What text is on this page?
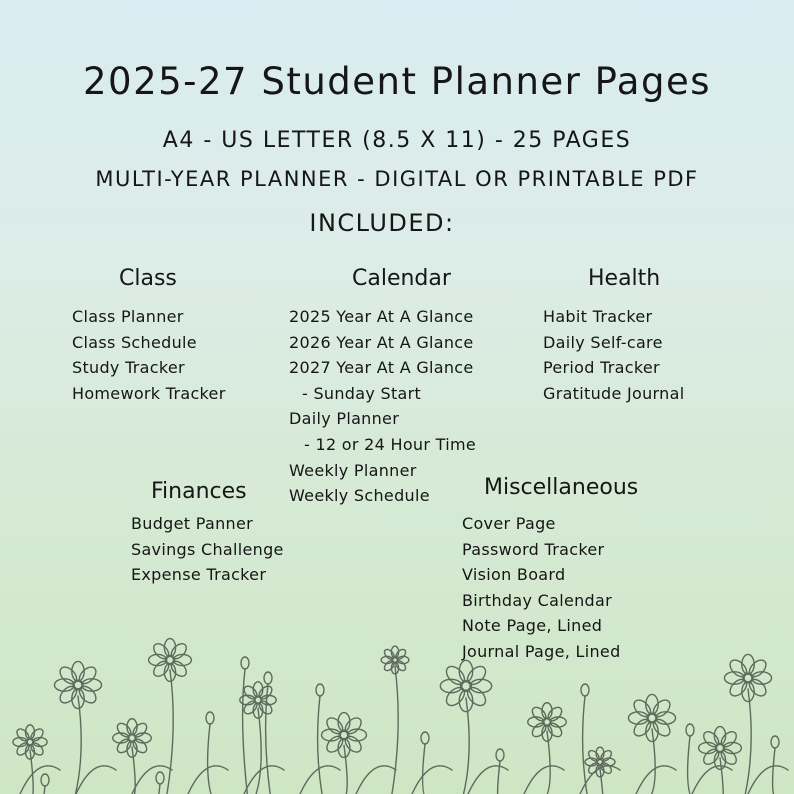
2025-27 Student Planner Pages
A4 - US LETTER (8.5 X 11) - 25 PAGES
MULTI-YEAR PLANNER - DIGITAL OR PRINTABLE PDF
INCLUDED:
Class
Class Planner
Class Schedule
Study Tracker
Homework Tracker
Calendar
2025 Year At A Glance
2026 Year At A Glance
2027 Year At A Glance
- Sunday Start
Daily Planner
- 12 or 24 Hour Time
Weekly Planner
Weekly Schedule
Health
Habit Tracker
Daily Self-care
Period Tracker
Gratitude Journal
Finances
Budget Panner
Savings Challenge
Expense Tracker
Miscellaneous
Cover Page
Password Tracker
Vision Board
Birthday Calendar
Note Page, Lined
Journal Page, Lined
